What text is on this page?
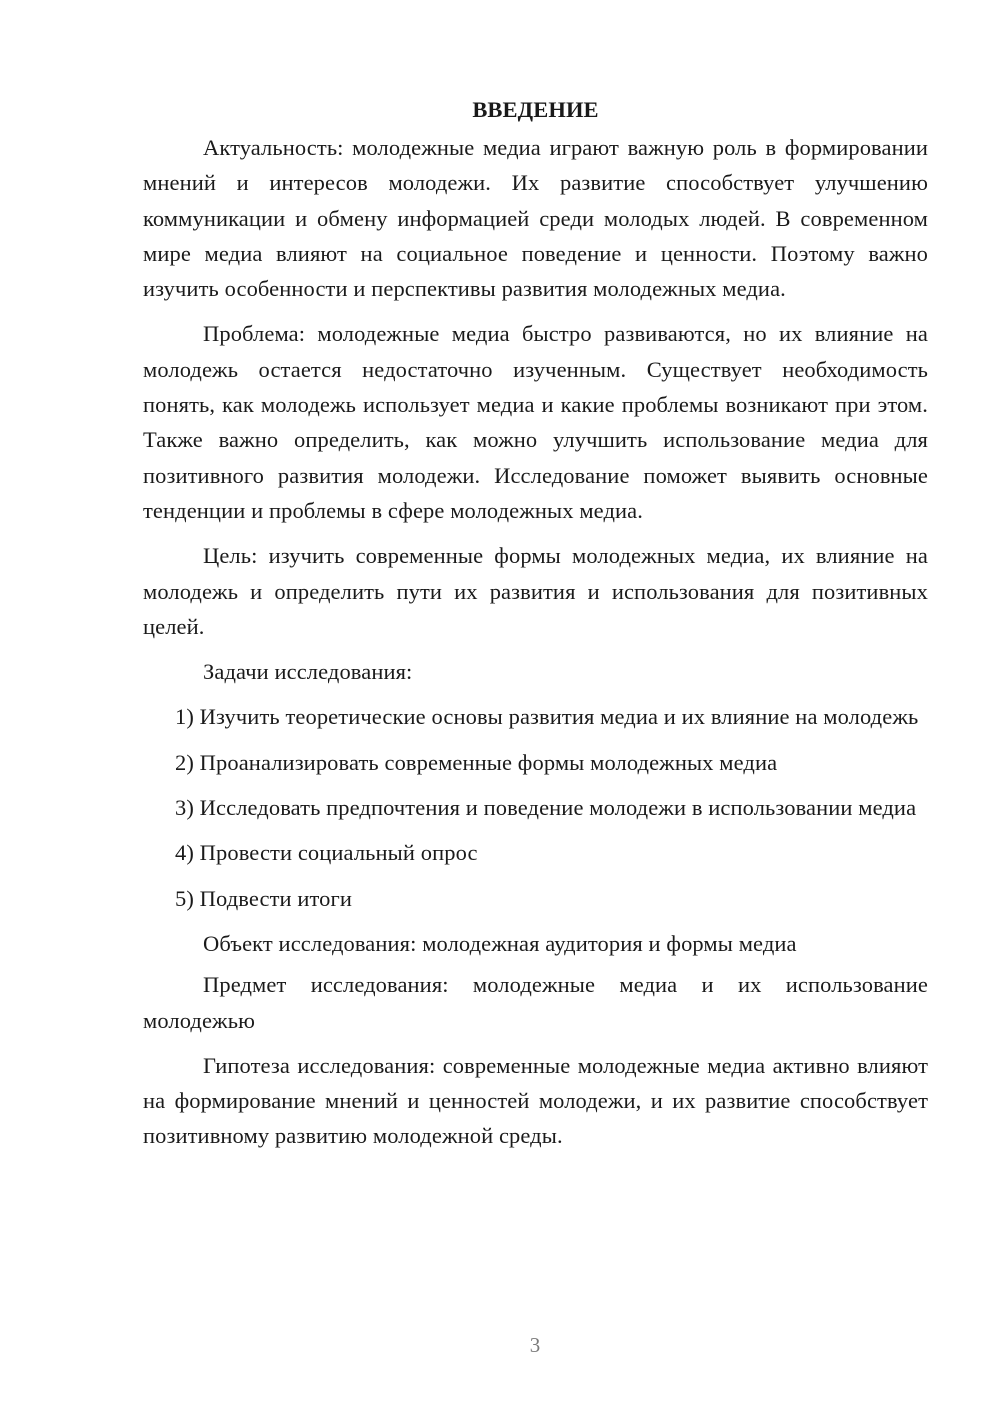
ВВЕДЕНИЕ

Актуальность: молодежные медиа играют важную роль в формировании мнений и интересов молодежи. Их развитие способствует улучшению коммуникации и обмену информацией среди молодых людей. В современном мире медиа влияют на социальное поведение и ценности. Поэтому важно изучить особенности и перспективы развития молодежных медиа.

Проблема: молодежные медиа быстро развиваются, но их влияние на молодежь остается недостаточно изученным. Существует необходимость понять, как молодежь использует медиа и какие проблемы возникают при этом. Также важно определить, как можно улучшить использование медиа для позитивного развития молодежи. Исследование поможет выявить основные тенденции и проблемы в сфере молодежных медиа.

Цель: изучить современные формы молодежных медиа, их влияние на молодежь и определить пути их развития и использования для позитивных целей.

Задачи исследования:

1) Изучить теоретические основы развития медиа и их влияние на молодежь

2) Проанализировать современные формы молодежных медиа

3) Исследовать предпочтения и поведение молодежи в использовании медиа

4) Провести социальный опрос

5) Подвести итоги

Объект исследования: молодежная аудитория и формы медиа

Предмет исследования: молодежные медиа и их использование молодежью

Гипотеза исследования: современные молодежные медиа активно влияют на формирование мнений и ценностей молодежи, и их развитие способствует позитивному развитию молодежной среды.

3
